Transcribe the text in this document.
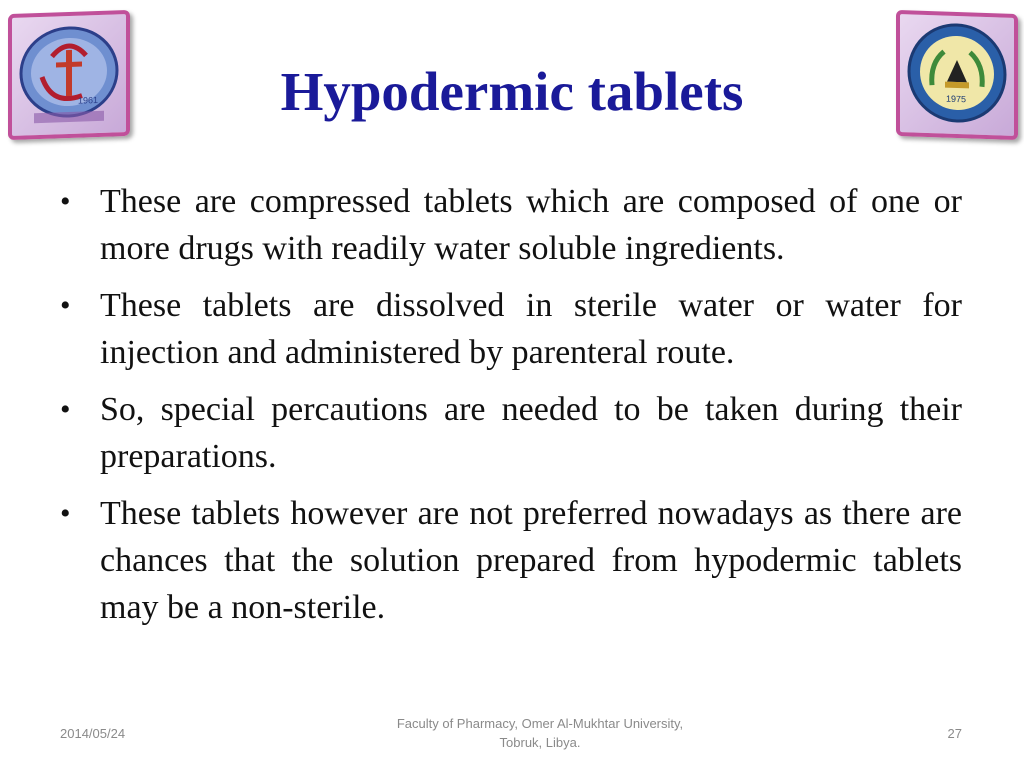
1961	1975
Hypodermic tablets
• These are compressed tablets which are composed of one or more drugs with readily water soluble ingredients.
• These tablets are dissolved in sterile water or water for injection and administered by parenteral route.
• So, special percautions are needed to be taken during their preparations.
• These tablets however are not preferred nowadays as there are chances that the solution prepared from hypodermic tablets may be a non-sterile.
2014/05/24
Faculty of Pharmacy, Omer Al-Mukhtar University,
Tobruk, Libya.
27
